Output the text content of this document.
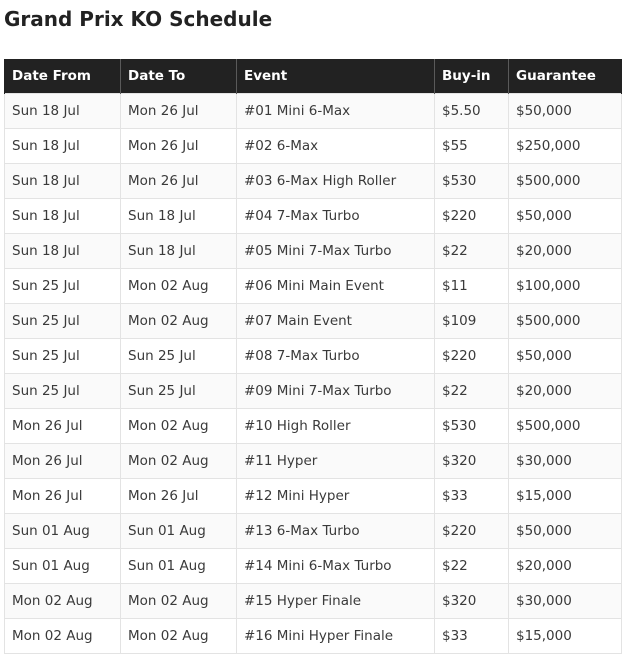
Grand Prix KO Schedule
Date From	Date To	Event	Buy-in	Guarantee
Sun 18 Jul	Mon 26 Jul	#01 Mini 6-Max	$5.50	$50,000
Sun 18 Jul	Mon 26 Jul	#02 6-Max	$55	$250,000
Sun 18 Jul	Mon 26 Jul	#03 6-Max High Roller	$530	$500,000
Sun 18 Jul	Sun 18 Jul	#04 7-Max Turbo	$220	$50,000
Sun 18 Jul	Sun 18 Jul	#05 Mini 7-Max Turbo	$22	$20,000
Sun 25 Jul	Mon 02 Aug	#06 Mini Main Event	$11	$100,000
Sun 25 Jul	Mon 02 Aug	#07 Main Event	$109	$500,000
Sun 25 Jul	Sun 25 Jul	#08 7-Max Turbo	$220	$50,000
Sun 25 Jul	Sun 25 Jul	#09 Mini 7-Max Turbo	$22	$20,000
Mon 26 Jul	Mon 02 Aug	#10 High Roller	$530	$500,000
Mon 26 Jul	Mon 02 Aug	#11 Hyper	$320	$30,000
Mon 26 Jul	Mon 26 Jul	#12 Mini Hyper	$33	$15,000
Sun 01 Aug	Sun 01 Aug	#13 6-Max Turbo	$220	$50,000
Sun 01 Aug	Sun 01 Aug	#14 Mini 6-Max Turbo	$22	$20,000
Mon 02 Aug	Mon 02 Aug	#15 Hyper Finale	$320	$30,000
Mon 02 Aug	Mon 02 Aug	#16 Mini Hyper Finale	$33	$15,000
